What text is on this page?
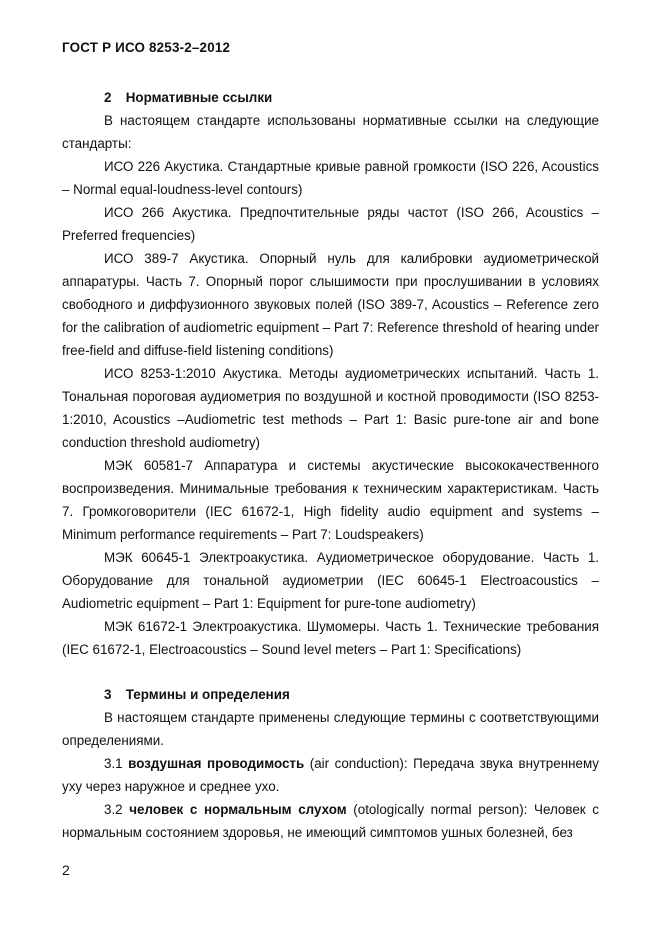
ГОСТ Р ИСО 8253-2–2012

2 Нормативные ссылки

В настоящем стандарте использованы нормативные ссылки на следующие стандарты:

ИСО 226 Акустика. Стандартные кривые равной громкости (ISO 226, Acoustics – Normal equal-loudness-level contours)

ИСО 266 Акустика. Предпочтительные ряды частот (ISO 266, Acoustics – Preferred frequencies)

ИСО 389-7 Акустика. Опорный нуль для калибровки аудиометрической аппаратуры. Часть 7. Опорный порог слышимости при прослушивании в условиях свободного и диффузионного звуковых полей (ISO 389-7, Acoustics – Reference zero for the calibration of audiometric equipment – Part 7: Reference threshold of hearing under free-field and diffuse-field listening conditions)

ИСО 8253-1:2010 Акустика. Методы аудиометрических испытаний. Часть 1. Тональная пороговая аудиометрия по воздушной и костной проводимости (ISO 8253-1:2010, Acoustics –Audiometric test methods – Part 1: Basic pure-tone air and bone conduction threshold audiometry)

МЭК 60581-7 Аппаратура и системы акустические высококачественного воспроизведения. Минимальные требования к техническим характеристикам. Часть 7. Громкоговорители (IEC 61672-1, High fidelity audio equipment and systems – Minimum performance requirements – Part 7: Loudspeakers)

МЭК 60645-1 Электроакустика. Аудиометрическое оборудование. Часть 1. Оборудование для тональной аудиометрии (IEC 60645-1 Electroacoustics – Audiometric equipment – Part 1: Equipment for pure-tone audiometry)

МЭК 61672-1 Электроакустика. Шумомеры. Часть 1. Технические требования (IEC 61672-1, Electroacoustics – Sound level meters – Part 1: Specifications)

3 Термины и определения

В настоящем стандарте применены следующие термины с соответствующими определениями.

3.1 воздушная проводимость (air conduction): Передача звука внутреннему уху через наружное и среднее ухо.

3.2 человек с нормальным слухом (otologically normal person): Человек с нормальным состоянием здоровья, не имеющий симптомов ушных болезней, без

2
